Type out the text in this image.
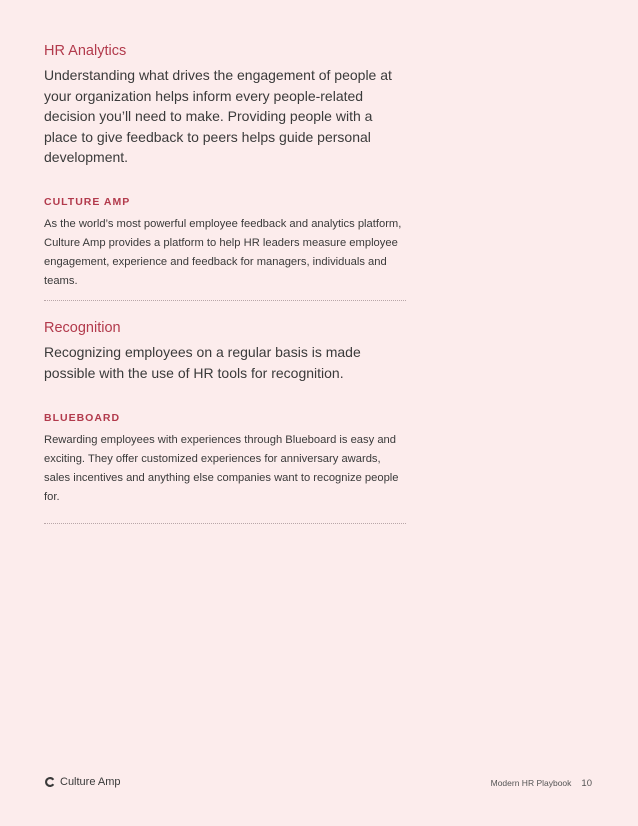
HR Analytics
Understanding what drives the engagement of people at your organization helps inform every people-related decision you’ll need to make. Providing people with a place to give feedback to peers helps guide personal development.
CULTURE AMP
As the world’s most powerful employee feedback and analytics platform, Culture Amp provides a platform to help HR leaders measure employee engagement, experience and feedback for managers, individuals and teams.
Recognition
Recognizing employees on a regular basis is made possible with the use of HR tools for recognition.
BLUEBOARD
Rewarding employees with experiences through Blueboard is easy and exciting. They offer customized experiences for anniversary awards, sales incentives and anything else companies want to recognize people for.
Culture Amp	Modern HR Playbook 10
